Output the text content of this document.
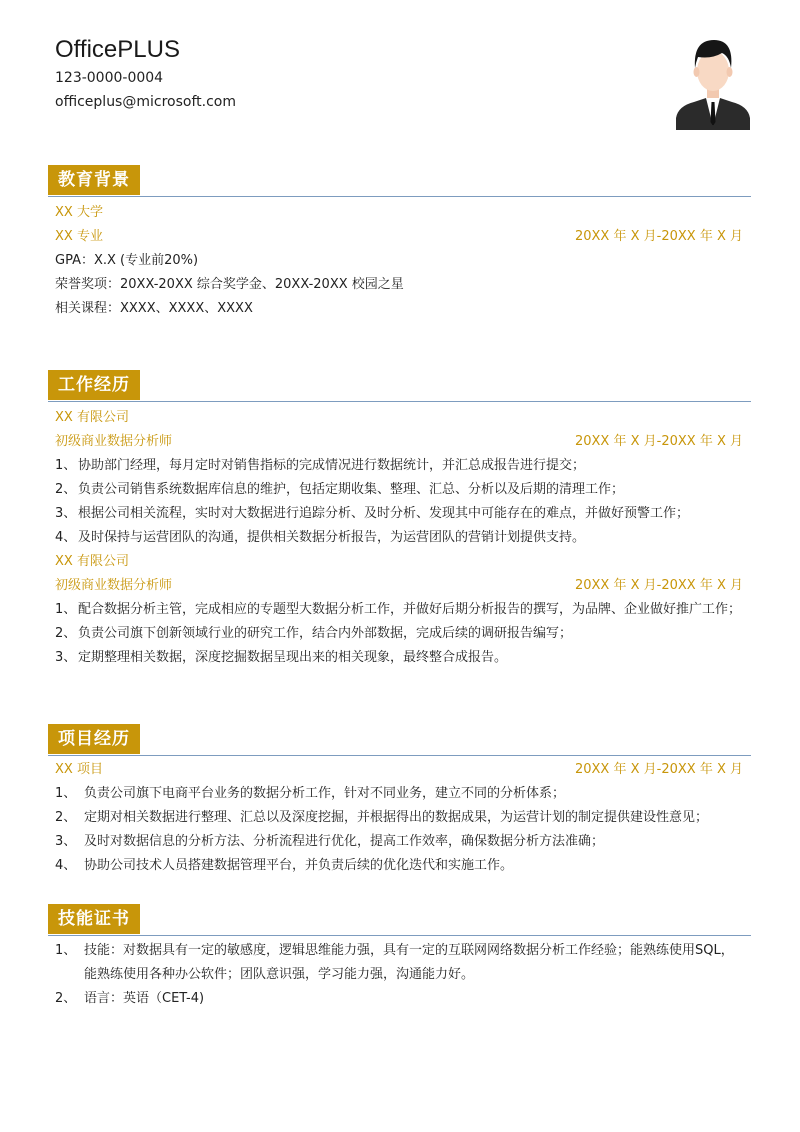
OfficePLUS
123-0000-0004
officeplus@microsoft.com
教育背景
XX 大学
XX 专业	20XX 年 X 月-20XX 年 X 月
GPA：X.X (专业前20%)
荣誉奖项：20XX-20XX 综合奖学金、20XX-20XX 校园之星
相关课程：XXXX、XXXX、XXXX
工作经历
XX 有限公司
初级商业数据分析师	20XX 年 X 月-20XX 年 X 月
1、 协助部门经理，每月定时对销售指标的完成情况进行数据统计，并汇总成报告进行提交；
2、 负责公司销售系统数据库信息的维护，包括定期收集、整理、汇总、分析以及后期的清理工作；
3、 根据公司相关流程，实时对大数据进行追踪分析、及时分析、发现其中可能存在的难点，并做好预警工作；
4、 及时保持与运营团队的沟通，提供相关数据分析报告，为运营团队的营销计划提供支持。
XX 有限公司
初级商业数据分析师	20XX 年 X 月-20XX 年 X 月
1、 配合数据分析主管，完成相应的专题型大数据分析工作，并做好后期分析报告的撰写，为品牌、企业做好推广工作；
2、 负责公司旗下创新领域行业的研究工作，结合内外部数据，完成后续的调研报告编写；
3、 定期整理相关数据，深度挖掘数据呈现出来的相关现象，最终整合成报告。
项目经历
XX 项目	20XX 年 X 月-20XX 年 X 月
1、 负责公司旗下电商平台业务的数据分析工作，针对不同业务，建立不同的分析体系；
2、 定期对相关数据进行整理、汇总以及深度挖掘，并根据得出的数据成果，为运营计划的制定提供建设性意见；
3、 及时对数据信息的分析方法、分析流程进行优化，提高工作效率，确保数据分析方法准确；
4、 协助公司技术人员搭建数据管理平台，并负责后续的优化迭代和实施工作。
技能证书
1、 技能：对数据具有一定的敏感度，逻辑思维能力强，具有一定的互联网网络数据分析工作经验；能熟练使用SQL，能熟练使用各种办公软件；团队意识强，学习能力强，沟通能力好。
2、 语言：英语（CET-4)
